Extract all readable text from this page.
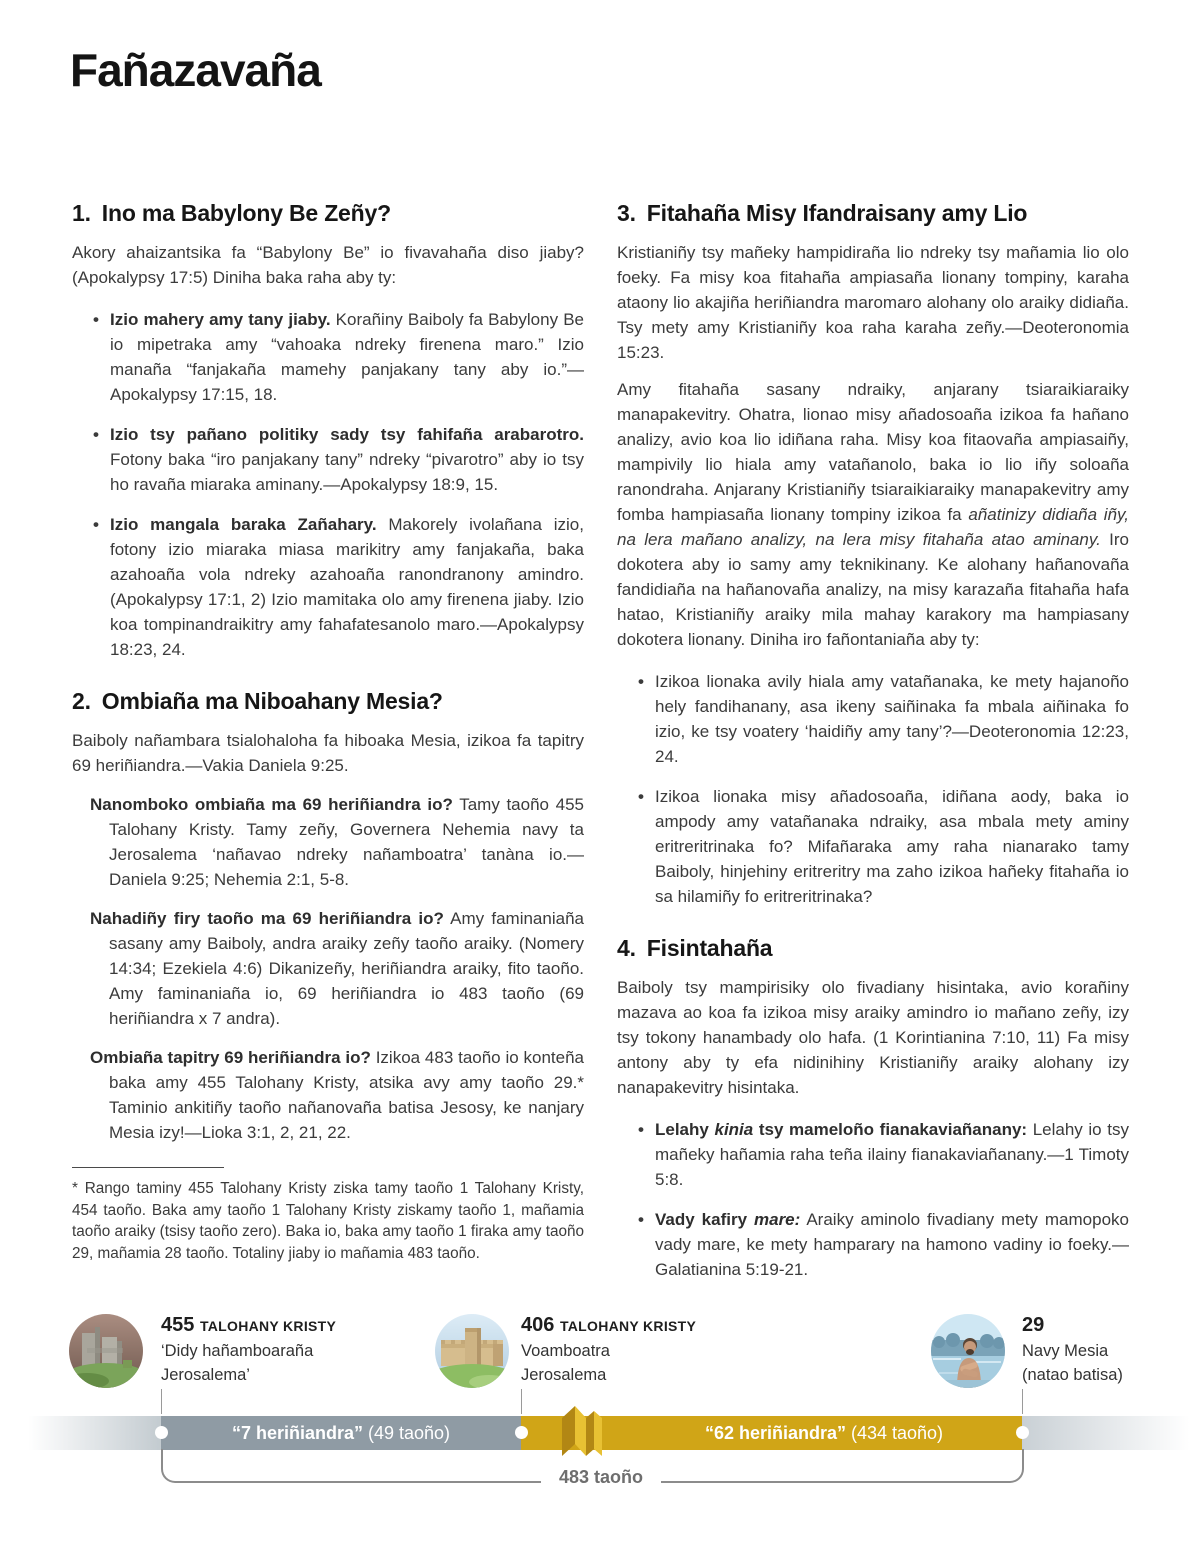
Fañazavaña
1. Ino ma Babylony Be Zeñy?

Akory ahaizantsika fa “Babylony Be” io fivavahaña diso jiaby? (Apokalypsy 17:5) Diniha baka raha aby ty:

• Izio mahery amy tany jiaby. Korañiny Baiboly fa Babylony Be io mipetraka amy “vahoaka ndreky firenena maro.” Izio manaña “fanjakaña mamehy panjakany tany aby io.”—Apokalypsy 17:15, 18.

• Izio tsy pañano politiky sady tsy fahifaña arabarotro. Fotony baka “iro panjakany tany” ndreky “pivarotro” aby io tsy ho ravaña miaraka aminany.—Apokalypsy 18:9, 15.

• Izio mangala baraka Zañahary. Makorely ivolañana izio, fotony izio miaraka miasa marikitry amy fanjakaña, baka azahoaña vola ndreky azahoaña ranondranony amindro. (Apokalypsy 17:1, 2) Izio mamitaka olo amy firenena jiaby. Izio koa tompinandraikitry amy fahafatesanolo maro.—Apokalypsy 18:23, 24.

2. Ombiaña ma Niboahany Mesia?

Baiboly nañambara tsialohaloha fa hiboaka Mesia, izikoa fa tapitry 69 heriñiandra.—Vakia Daniela 9:25.

Nanomboko ombiaña ma 69 heriñiandra io? Tamy taoño 455 Talohany Kristy. Tamy zeñy, Governera Nehemia navy ta Jerosalema ‘nañavao ndreky nañamboatra’ tanàna io.—Daniela 9:25; Nehemia 2:1, 5-8.

Nahadiñy firy taoño ma 69 heriñiandra io? Amy faminaniaña sasany amy Baiboly, andra araiky zeñy taoño araiky. (Nomery 14:34; Ezekiela 4:6) Dikanizeñy, heriñiandra araiky, fito taoño. Amy faminaniaña io, 69 heriñiandra io 483 taoño (69 heriñiandra x 7 andra).

Ombiaña tapitry 69 heriñiandra io? Izikoa 483 taoño io konteña baka amy 455 Talohany Kristy, atsika avy amy taoño 29.* Taminio ankitiñy taoño nañanovaña batisa Jesosy, ke nanjary Mesia izy!—Lioka 3:1, 2, 21, 22.

* Rango taminy 455 Talohany Kristy ziska tamy taoño 1 Talohany Kristy, 454 taoño. Baka amy taoño 1 Talohany Kristy ziskamy taoño 1, mañamia taoño araiky (tsisy taoño zero). Baka io, baka amy taoño 1 firaka amy taoño 29, mañamia 28 taoño. Totaliny jiaby io mañamia 483 taoño.

3. Fitahaña Misy Ifandraisany amy Lio

Kristianiñy tsy mañeky hampidiraña lio ndreky tsy mañamia lio olo foeky. Fa misy koa fitahaña ampiasaña lionany tompiny, karaha ataony lio akajiña heriñiandra maromaro alohany olo araiky didiaña. Tsy mety amy Kristianiñy koa raha karaha zeñy.—Deoteronomia 15:23.

Amy fitahaña sasany ndraiky, anjarany tsiaraikiaraiky manapakevitry. Ohatra, lionao misy añadosoaña izikoa fa hañano analizy, avio koa lio idiñana raha. Misy koa fitaovaña ampiasaiñy, mampivily lio hiala amy vatañanolo, baka io lio iñy soloaña ranondraha. Anjarany Kristianiñy tsiaraikiaraiky manapakevitry amy fomba hampiasaña lionany tompiny izikoa fa añatinizy didiaña iñy, na lera mañano analizy, na lera misy fitahaña atao aminany. Iro dokotera aby io samy amy teknikinany. Ke alohany hañanovaña fandidiaña na hañanovaña analizy, na misy karazaña fitahaña hafa hatao, Kristianiñy araiky mila mahay karakory ma hampiasany dokotera lionany. Diniha iro fañontaniaña aby ty:

• Izikoa lionaka avily hiala amy vatañanaka, ke mety hajanoño hely fandihanany, asa ikeny saiñinaka fa mbala aiñinaka fo izio, ke tsy voatery ‘haidiñy amy tany’?—Deoteronomia 12:23, 24.

• Izikoa lionaka misy añadosoaña, idiñana aody, baka io ampody amy vatañanaka ndraiky, asa mbala mety aminy eritreritrinaka fo? Mifañaraka amy raha nianarako tamy Baiboly, hinjehiny eritreritry ma zaho izikoa hañeky fitahaña io sa hilamiñy fo eritreritrinaka?

4. Fisintahaña

Baiboly tsy mampirisiky olo fivadiany hisintaka, avio korañiny mazava ao koa fa izikoa misy araiky amindro io mañano zeñy, izy tsy tokony hanambady olo hafa. (1 Korintianina 7:10, 11) Fa misy antony aby ty efa nidinihiny Kristianiñy araiky alohany izy nanapakevitry hisintaka.

• Lelahy kinia tsy mameloño fianakaviañanany: Lelahy io tsy mañeky hañamia raha teña ilainy fianakaviañanany.—1 Timoty 5:8.

• Vady kafiry mare: Araiky aminolo fivadiany mety mamopoko vady mare, ke mety hamparary na hamono vadiny io foeky.—Galatianina 5:19-21.

455 TALOHANY KRISTY
‘Didy hañamboaraña
Jerosalema’
406 TALOHANY KRISTY
Voamboatra
Jerosalema
29
Navy Mesia
(natao batisa)
“7 heriñiandra” (49 taoño)	“62 heriñiandra” (434 taoño)
483 taoño
